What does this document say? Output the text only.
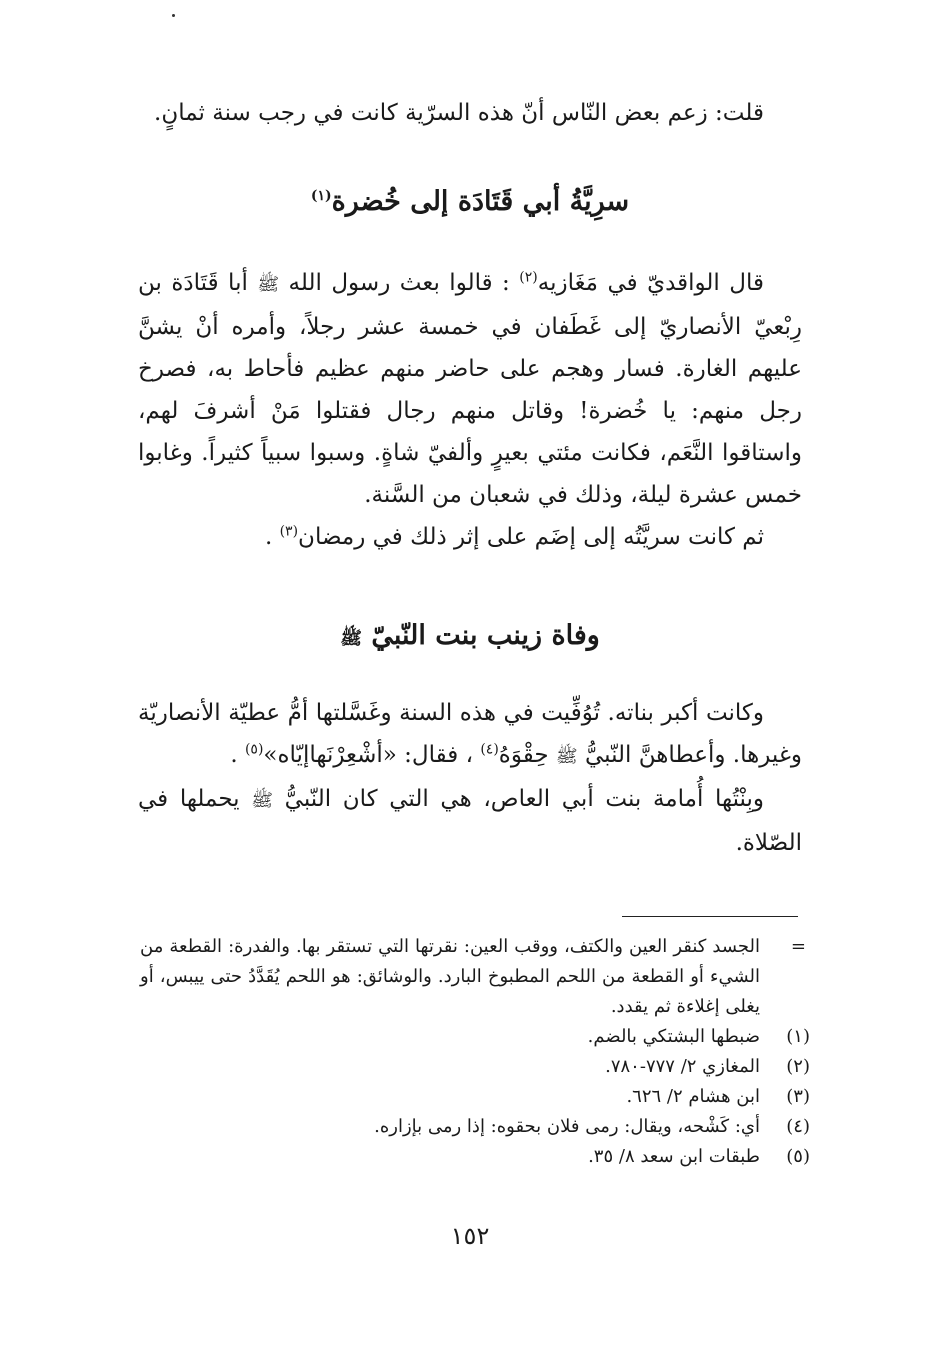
قلت: زعم بعض النّاس أنّ هذه السرّية كانت في رجب سنة ثمانٍ.

سرِيَّةُ أبي قَتَادَة إلى خُضرة$^{(١)}$

قال الواقديّ في مَغَازيه$^{(٢)}$ : قالوا بعث رسول الله ﷺ أبا قَتَادَة بن رِبْعيّ الأنصاريّ إلى غَطَفان في خمسة عشر رجلاً، وأمره أنْ يشنَّ عليهم الغارة. فسار وهجم على حاضر منهم عظيم فأحاط به، فصرخ رجل منهم: يا خُضرة! وقاتل منهم رجال فقتلوا مَنْ أشرفَ لهم، واستاقوا النَّعَم، فكانت مئتي بعيرٍ وألفيّ شاةٍ. وسبوا سبياً كثيراً. وغابوا خمس عشرة ليلة، وذلك في شعبان من السَّنة.

ثم كانت سريَّتُه إلى إضَم على إثر ذلك في رمضان$^{(٣)}$ .

وفاة زينب بنت النّبيّ ﷺ

وكانت أكبر بناته. تُوُفِّيت في هذه السنة وغَسَّلتها أمُّ عطيّة الأنصاريّة وغيرها. وأعطاهنَّ النّبيُّ ﷺ حِقْوَهُ$^{(٤)}$ ، فقال: «أشْعِرْنَهاإيّاه»$^{(٥)}$ .

وبِنْتُها أُمامة بنت أبي العاص، هي التي كان النّبيُّ ﷺ يحملها في الصّلاة.

=
الجسد كنقر العين والكتف، ووقب العين: نقرتها التي تستقر بها. والفدرة: القطعة من الشيء أو القطعة من اللحم المطبوخ البارد. والوشائق: هو اللحم يُقَدَّدُ حتى ييبس، أو يغلى إغلاءة ثم يقدد.
(١)
ضبطها البشتكي بالضم.
(٢)
المغازي ٢/ ٧٧٧-٧٨٠.
(٣)
ابن هشام ٢/ ٦٢٦.
(٤)
أي: كَشْحه، ويقال: رمى فلان بحقوه: إذا رمى بإزاره.
(٥)
طبقات ابن سعد ٨/ ٣٥.
١٥٢
